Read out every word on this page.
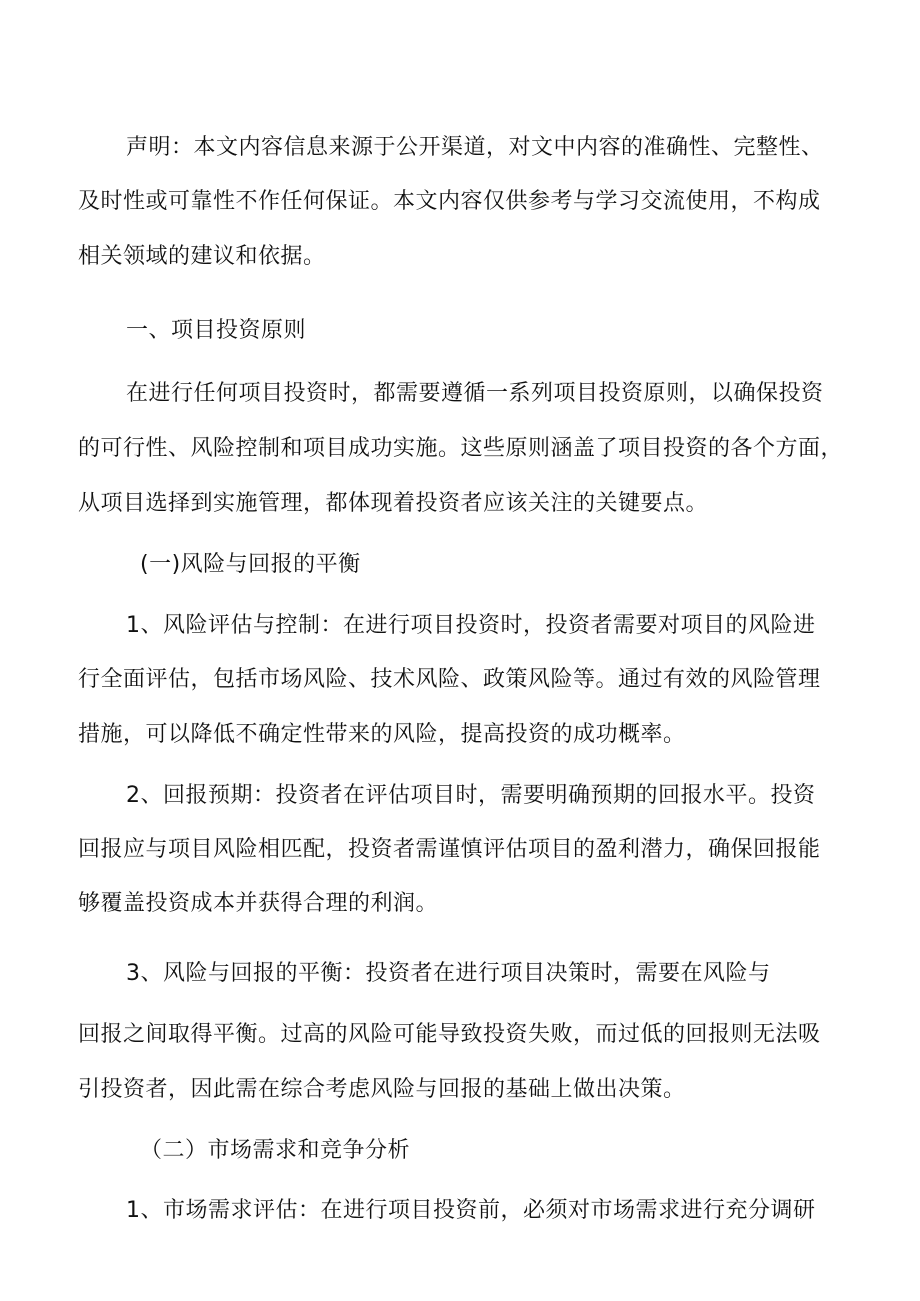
声明：本文内容信息来源于公开渠道，对文中内容的准确性、完整性、
及时性或可靠性不作任何保证。本文内容仅供参考与学习交流使用，不构成
相关领域的建议和依据。
一、项目投资原则
在进行任何项目投资时，都需要遵循一系列项目投资原则，以确保投资
的可行性、风险控制和项目成功实施。这些原则涵盖了项目投资的各个方面，
从项目选择到实施管理，都体现着投资者应该关注的关键要点。
(一)风险与回报的平衡
1、风险评估与控制：在进行项目投资时，投资者需要对项目的风险进
行全面评估，包括市场风险、技术风险、政策风险等。通过有效的风险管理
措施，可以降低不确定性带来的风险，提高投资的成功概率。
2、回报预期：投资者在评估项目时，需要明确预期的回报水平。投资
回报应与项目风险相匹配，投资者需谨慎评估项目的盈利潜力，确保回报能
够覆盖投资成本并获得合理的利润。
3、风险与回报的平衡：投资者在进行项目决策时，需要在风险与
回报之间取得平衡。过高的风险可能导致投资失败，而过低的回报则无法吸
引投资者，因此需在综合考虑风险与回报的基础上做出决策。
（二）市场需求和竞争分析
1、市场需求评估：在进行项目投资前，必须对市场需求进行充分调研
